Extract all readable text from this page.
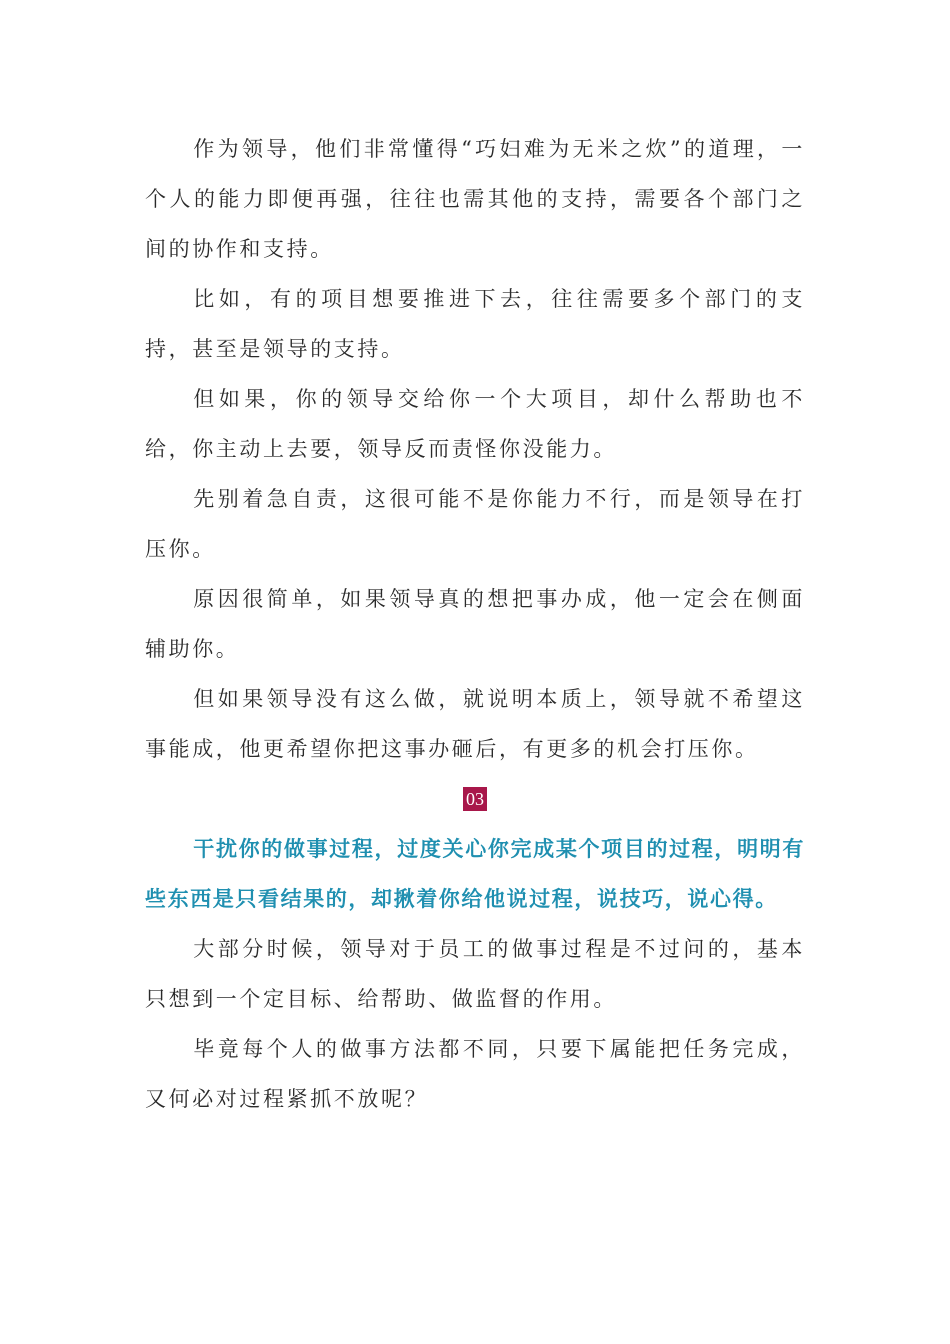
作为领导，他们非常懂得“巧妇难为无米之炊”的道理，一个人的能力即便再强，往往也需其他的支持，需要各个部门之间的协作和支持。

比如，有的项目想要推进下去，往往需要多个部门的支持，甚至是领导的支持。

但如果，你的领导交给你一个大项目，却什么帮助也不给，你主动上去要，领导反而责怪你没能力。

先别着急自责，这很可能不是你能力不行，而是领导在打压你。

原因很简单，如果领导真的想把事办成，他一定会在侧面辅助你。

但如果领导没有这么做，就说明本质上，领导就不希望这事能成，他更希望你把这事办砸后，有更多的机会打压你。

03

干扰你的做事过程，过度关心你完成某个项目的过程，明明有些东西是只看结果的，却揪着你给他说过程，说技巧，说心得。

大部分时候，领导对于员工的做事过程是不过问的，基本只想到一个定目标、给帮助、做监督的作用。

毕竟每个人的做事方法都不同，只要下属能把任务完成，又何必对过程紧抓不放呢？
